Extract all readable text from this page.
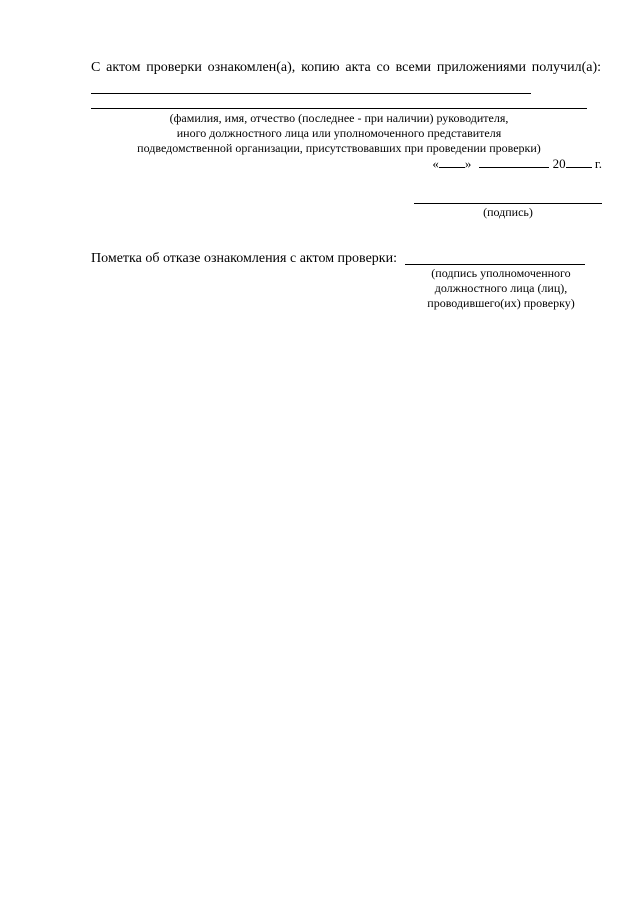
С актом проверки ознакомлен(а), копию акта со всеми приложениями получил(а):
(фамилия, имя, отчество (последнее - при наличии) руководителя,
иного должностного лица или уполномоченного представителя
подведомственной организации, присутствовавших при проведении проверки)
« »	20 г.
(подпись)
Пометка об отказе ознакомления с актом проверки:
(подпись уполномоченного
должностного лица (лиц),
проводившего(их) проверку)
